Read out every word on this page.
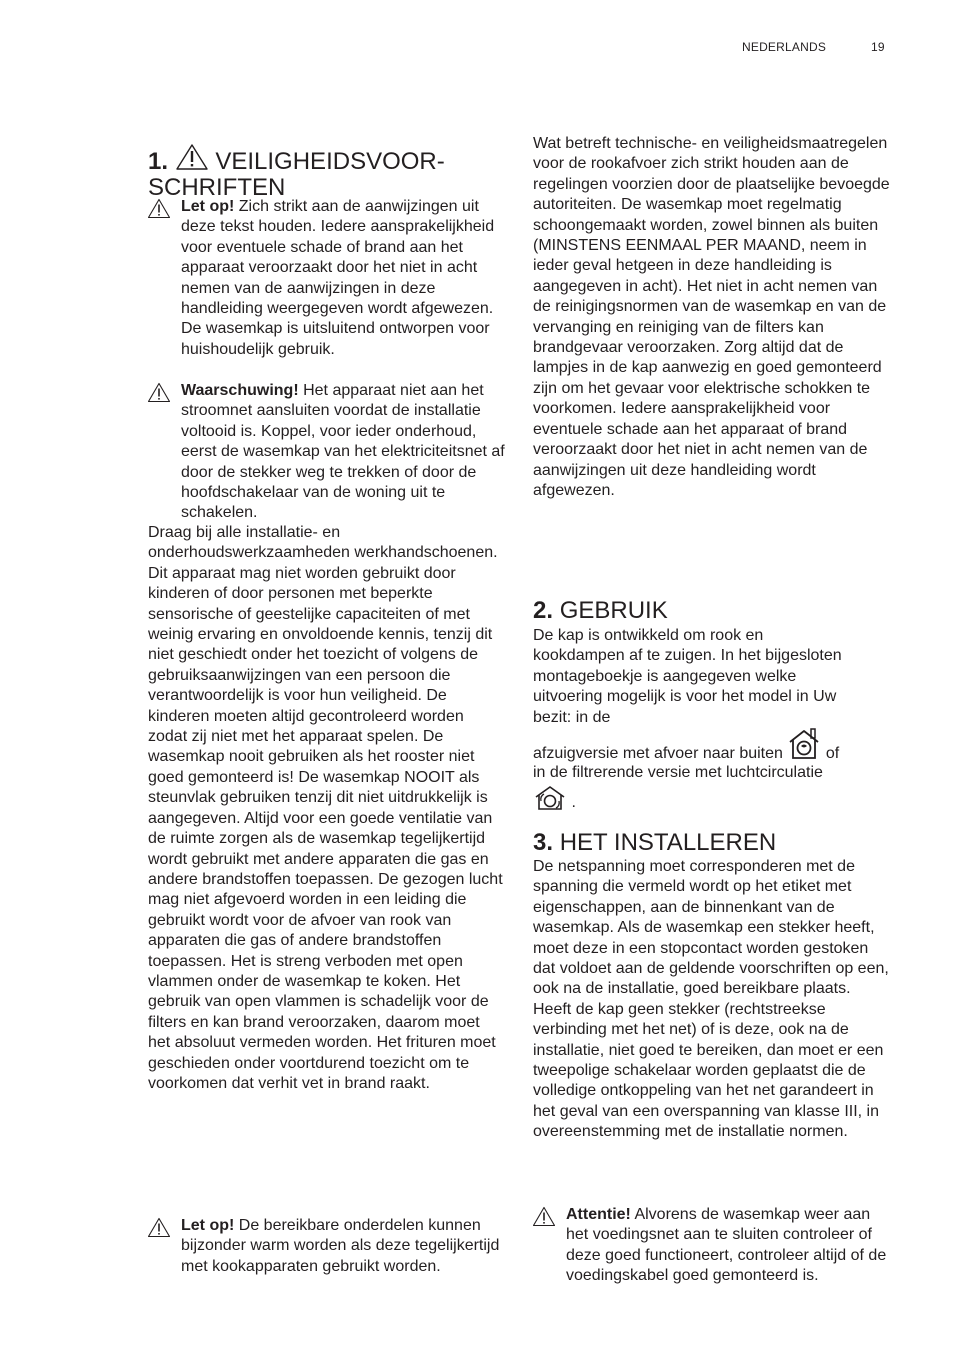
NEDERLANDS	19
1. VEILIGHEIDSVOOR-
SCHRIFTEN
Let op! Zich strikt aan de aanwijzingen uit deze tekst houden. Iedere aansprakelijkheid voor eventuele schade of brand aan het apparaat veroorzaakt door het niet in acht nemen van de aanwijzingen in deze handleiding weergegeven wordt afgewezen. De wasemkap is uitsluitend ontworpen voor huishoudelijk gebruik.
Waarschuwing! Het apparaat niet aan het stroomnet aansluiten voordat de installatie voltooid is. Koppel, voor ieder onderhoud, eerst de wasemkap van het elektriciteitsnet af door de stekker weg te trekken of door de hoofdschakelaar van de woning uit te schakelen.
Draag bij alle installatie- en onderhoudswerkzaamheden werkhandschoenen. Dit apparaat mag niet worden gebruikt door kinderen of door personen met beperkte sensorische of geestelijke capaciteiten of met weinig ervaring en onvoldoende kennis, tenzij dit niet geschiedt onder het toezicht of volgens de gebruiksaanwijzingen van een persoon die verantwoordelijk is voor hun veiligheid. De kinderen moeten altijd gecontroleerd worden zodat zij niet met het apparaat spelen. De wasemkap nooit gebruiken als het rooster niet goed gemonteerd is! De wasemkap NOOIT als steunvlak gebruiken tenzij dit niet uitdrukkelijk is aangegeven. Altijd voor een goede ventilatie van de ruimte zorgen als de wasemkap tegelijkertijd wordt gebruikt met andere apparaten die gas en andere brandstoffen toepassen. De gezogen lucht mag niet afgevoerd worden in een leiding die gebruikt wordt voor de afvoer van rook van apparaten die gas of andere brandstoffen toepassen. Het is streng verboden met open vlammen onder de wasemkap te koken. Het gebruik van open vlammen is schadelijk voor de filters en kan brand veroorzaken, daarom moet het absoluut vermeden worden. Het frituren moet geschieden onder voortdurend toezicht om te voorkomen dat verhit vet in brand raakt.
Let op! De bereikbare onderdelen kunnen bijzonder warm worden als deze tegelijkertijd met kookapparaten gebruikt worden.
Wat betreft technische- en veiligheidsmaatregelen voor de rookafvoer zich strikt houden aan de regelingen voorzien door de plaatselijke bevoegde autoriteiten. De wasemkap moet regelmatig schoongemaakt worden, zowel binnen als buiten (MINSTENS EENMAAL PER MAAND, neem in ieder geval hetgeen in deze handleiding is aangegeven in acht). Het niet in acht nemen van de reinigingsnormen van de wasemkap en van de vervanging en reiniging van de filters kan brandgevaar veroorzaken. Zorg altijd dat de lampjes in de kap aanwezig en goed gemonteerd zijn om het gevaar voor elektrische schokken te voorkomen. Iedere aansprakelijkheid voor eventuele schade aan het apparaat of brand veroorzaakt door het niet in acht nemen van de aanwijzingen uit deze handleiding wordt afgewezen.
2. GEBRUIK
De kap is ontwikkeld om rook en kookdampen af te zuigen. In het bijgesloten montageboekje is aangegeven welke uitvoering mogelijk is voor het model in Uw bezit: in de
afzuigversie met afvoer naar buiten	of
in de filtrerende versie met luchtcirculatie
.
3. HET INSTALLEREN
De netspanning moet corresponderen met de spanning die vermeld wordt op het etiket met eigenschappen, aan de binnenkant van de wasemkap. Als de wasemkap een stekker heeft, moet deze in een stopcontact worden gestoken dat voldoet aan de geldende voorschriften op een, ook na de installatie, goed bereikbare plaats. Heeft de kap geen stekker (rechtstreekse verbinding met het net) of is deze, ook na de installatie, niet goed te bereiken, dan moet er een tweepolige schakelaar worden geplaatst die de volledige ontkoppeling van het net garandeert in het geval van een overspanning van klasse III, in overeenstemming met de installatie normen.
Attentie! Alvorens de wasemkap weer aan het voedingsnet aan te sluiten controleer of deze goed functioneert, controleer altijd of de voedingskabel goed gemonteerd is.
